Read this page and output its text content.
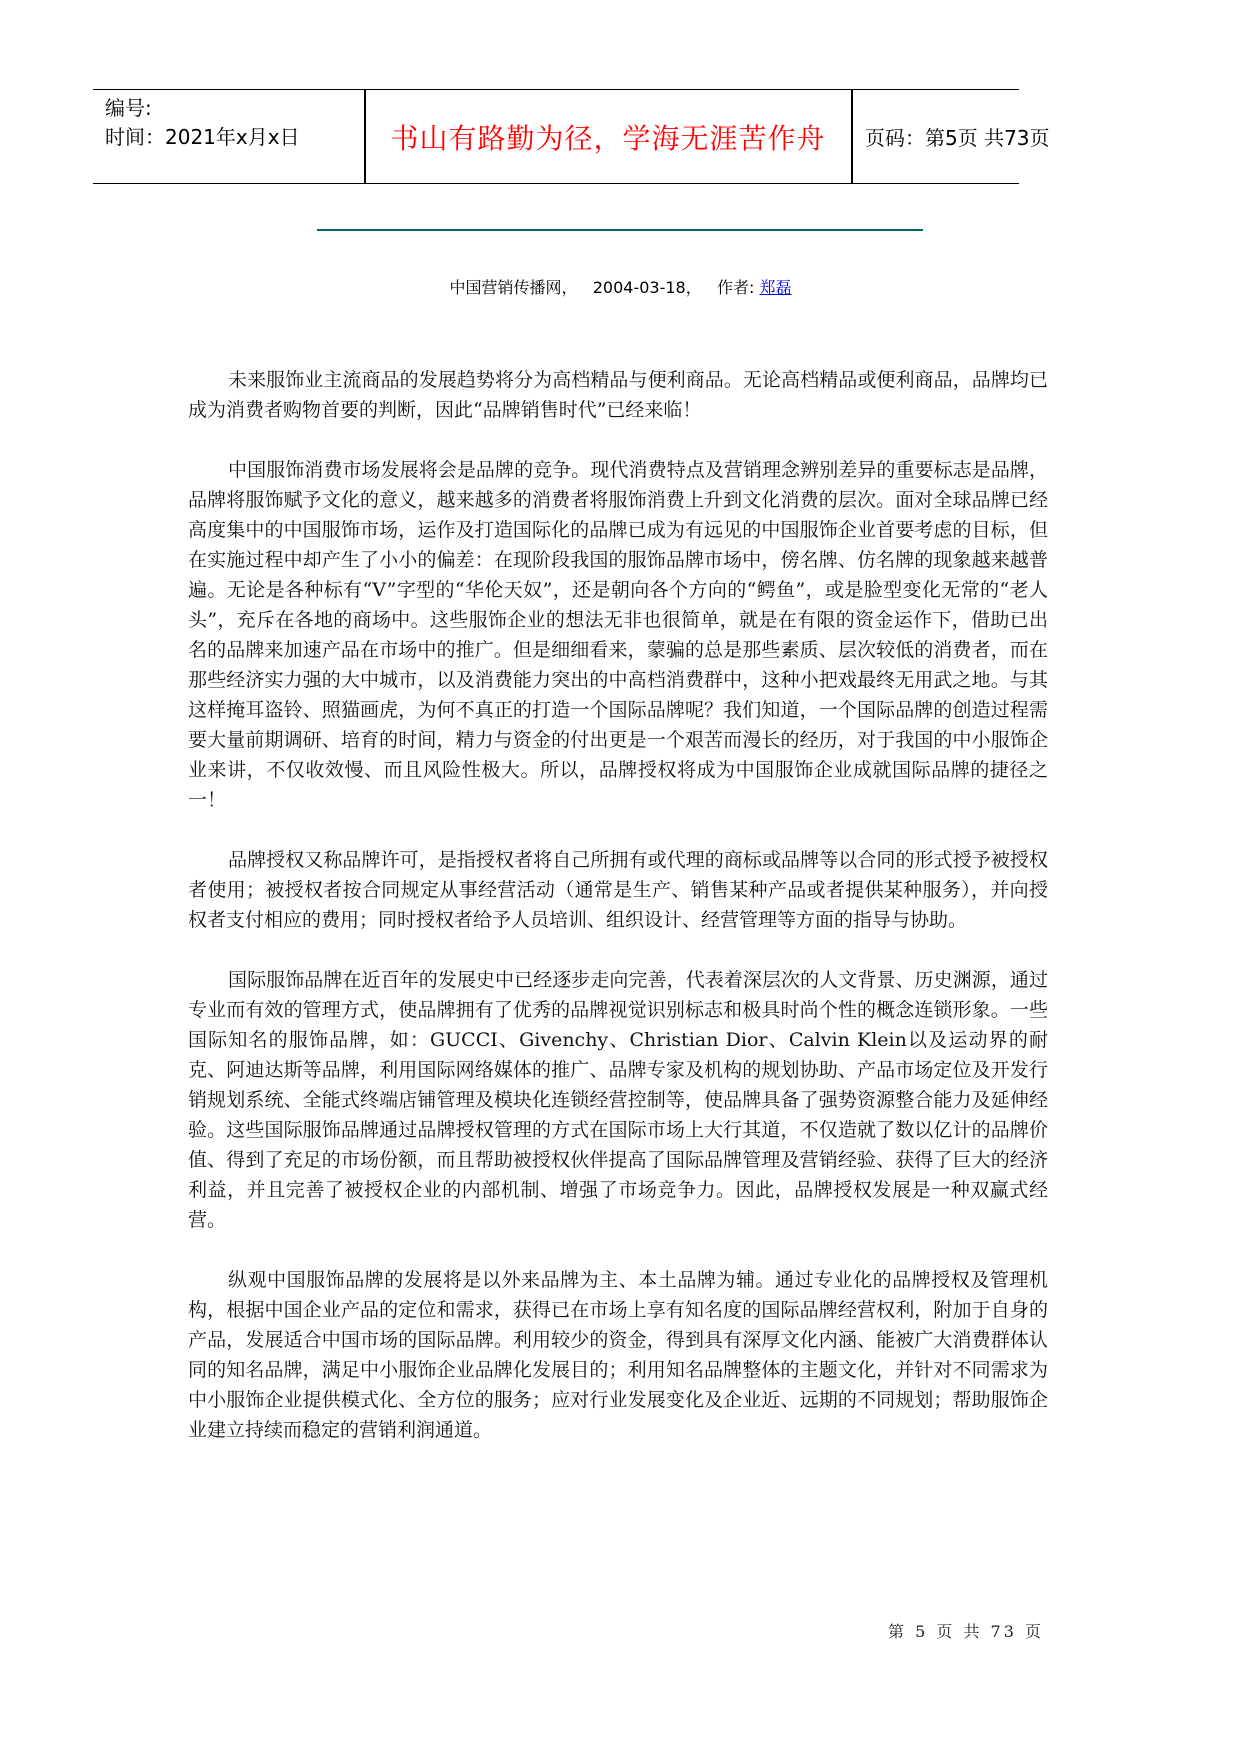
编号:
时间：2021年x月x日	书山有路勤为径，学海无涯苦作舟	页码：第5页 共73页
中国营销传播网， 2004-03-18， 作者: 郑磊

未来服饰业主流商品的发展趋势将分为高档精品与便利商品。无论高档精品或便利商品，品牌均已成为消费者购物首要的判断，因此“品牌销售时代”已经来临！

中国服饰消费市场发展将会是品牌的竞争。现代消费特点及营销理念辨别差异的重要标志是品牌，品牌将服饰赋予文化的意义，越来越多的消费者将服饰消费上升到文化消费的层次。面对全球品牌已经高度集中的中国服饰市场，运作及打造国际化的品牌已成为有远见的中国服饰企业首要考虑的目标，但在实施过程中却产生了小小的偏差：在现阶段我国的服饰品牌市场中，傍名牌、仿名牌的现象越来越普遍。无论是各种标有“V”字型的“华伦天奴”，还是朝向各个方向的“鳄鱼”，或是脸型变化无常的“老人头”，充斥在各地的商场中。这些服饰企业的想法无非也很简单，就是在有限的资金运作下，借助已出名的品牌来加速产品在市场中的推广。但是细细看来，蒙骗的总是那些素质、层次较低的消费者，而在那些经济实力强的大中城市，以及消费能力突出的中高档消费群中，这种小把戏最终无用武之地。与其这样掩耳盗铃、照猫画虎，为何不真正的打造一个国际品牌呢？我们知道，一个国际品牌的创造过程需要大量前期调研、培育的时间，精力与资金的付出更是一个艰苦而漫长的经历，对于我国的中小服饰企业来讲，不仅收效慢、而且风险性极大。所以，品牌授权将成为中国服饰企业成就国际品牌的捷径之一！

品牌授权又称品牌许可，是指授权者将自己所拥有或代理的商标或品牌等以合同的形式授予被授权者使用；被授权者按合同规定从事经营活动（通常是生产、销售某种产品或者提供某种服务），并向授权者支付相应的费用；同时授权者给予人员培训、组织设计、经营管理等方面的指导与协助。

国际服饰品牌在近百年的发展史中已经逐步走向完善，代表着深层次的人文背景、历史渊源，通过专业而有效的管理方式，使品牌拥有了优秀的品牌视觉识别标志和极具时尚个性的概念连锁形象。一些国际知名的服饰品牌，如：GUCCI、Givenchy、Christian Dior、Calvin Klein以及运动界的耐克、阿迪达斯等品牌，利用国际网络媒体的推广、品牌专家及机构的规划协助、产品市场定位及开发行销规划系统、全能式终端店铺管理及模块化连锁经营控制等，使品牌具备了强势资源整合能力及延伸经验。这些国际服饰品牌通过品牌授权管理的方式在国际市场上大行其道，不仅造就了数以亿计的品牌价值、得到了充足的市场份额，而且帮助被授权伙伴提高了国际品牌管理及营销经验、获得了巨大的经济利益，并且完善了被授权企业的内部机制、增强了市场竞争力。因此，品牌授权发展是一种双赢式经营。

纵观中国服饰品牌的发展将是以外来品牌为主、本土品牌为辅。通过专业化的品牌授权及管理机构，根据中国企业产品的定位和需求，获得已在市场上享有知名度的国际品牌经营权利，附加于自身的产品，发展适合中国市场的国际品牌。利用较少的资金，得到具有深厚文化内涵、能被广大消费群体认同的知名品牌，满足中小服饰企业品牌化发展目的；利用知名品牌整体的主题文化，并针对不同需求为中小服饰企业提供模式化、全方位的服务；应对行业发展变化及企业近、远期的不同规划；帮助服饰企业建立持续而稳定的营销利润通道。

第 5 页 共 73 页
